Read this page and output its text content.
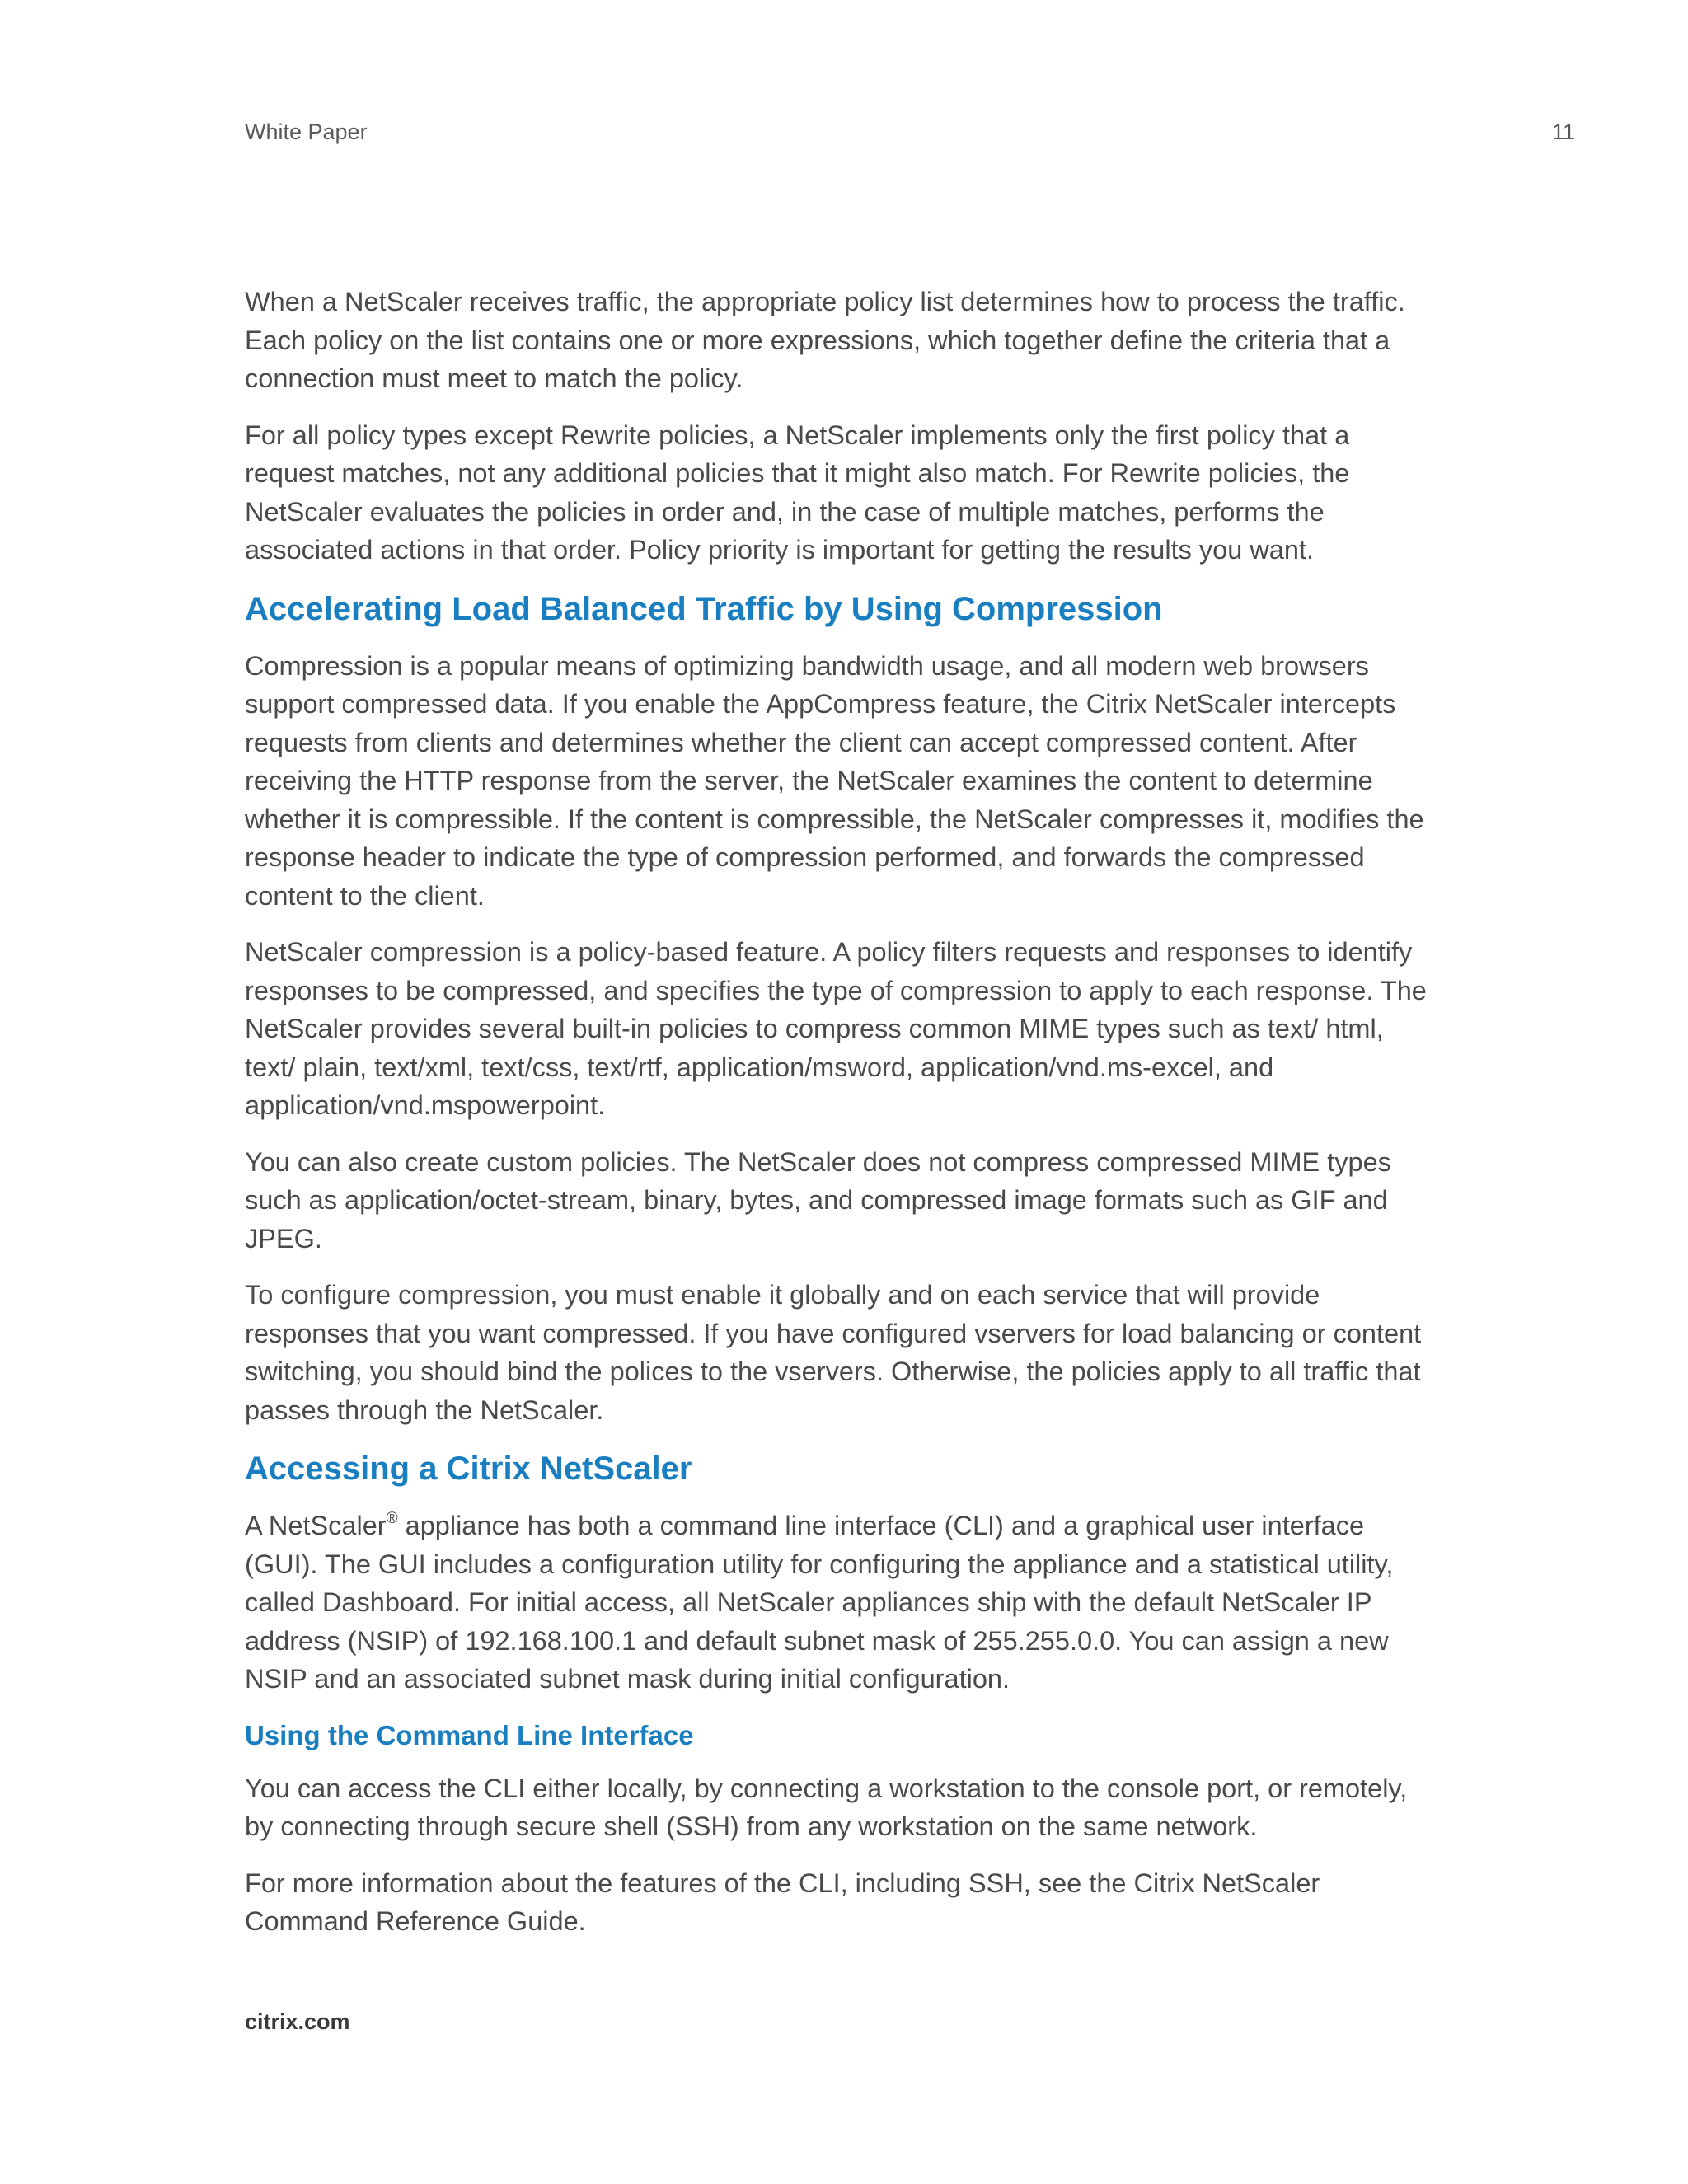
White Paper	11

When a NetScaler receives traffic, the appropriate policy list determines how to process the traffic. Each policy on the list contains one or more expressions, which together define the criteria that a connection must meet to match the policy.

For all policy types except Rewrite policies, a NetScaler implements only the first policy that a request matches, not any additional policies that it might also match. For Rewrite policies, the NetScaler evaluates the policies in order and, in the case of multiple matches, performs the associated actions in that order. Policy priority is important for getting the results you want.

Accelerating Load Balanced Traffic by Using Compression

Compression is a popular means of optimizing bandwidth usage, and all modern web browsers support compressed data. If you enable the AppCompress feature, the Citrix NetScaler intercepts requests from clients and determines whether the client can accept compressed content. After receiving the HTTP response from the server, the NetScaler examines the content to determine whether it is compressible. If the content is compressible, the NetScaler compresses it, modifies the response header to indicate the type of compression performed, and forwards the compressed content to the client.

NetScaler compression is a policy-based feature. A policy filters requests and responses to identify responses to be compressed, and specifies the type of compression to apply to each response. The NetScaler provides several built-in policies to compress common MIME types such as text/ html, text/ plain, text/xml, text/css, text/rtf, application/msword, application/vnd.ms-excel, and application/vnd.mspowerpoint.

You can also create custom policies. The NetScaler does not compress compressed MIME types such as application/octet-stream, binary, bytes, and compressed image formats such as GIF and JPEG.

To configure compression, you must enable it globally and on each service that will provide responses that you want compressed. If you have configured vservers for load balancing or content switching, you should bind the polices to the vservers. Otherwise, the policies apply to all traffic that passes through the NetScaler.

Accessing a Citrix NetScaler

A NetScaler® appliance has both a command line interface (CLI) and a graphical user interface (GUI). The GUI includes a configuration utility for configuring the appliance and a statistical utility, called Dashboard. For initial access, all NetScaler appliances ship with the default NetScaler IP address (NSIP) of 192.168.100.1 and default subnet mask of 255.255.0.0. You can assign a new NSIP and an associated subnet mask during initial configuration.

Using the Command Line Interface

You can access the CLI either locally, by connecting a workstation to the console port, or remotely, by connecting through secure shell (SSH) from any workstation on the same network.

For more information about the features of the CLI, including SSH, see the Citrix NetScaler Command Reference Guide.

citrix.com
